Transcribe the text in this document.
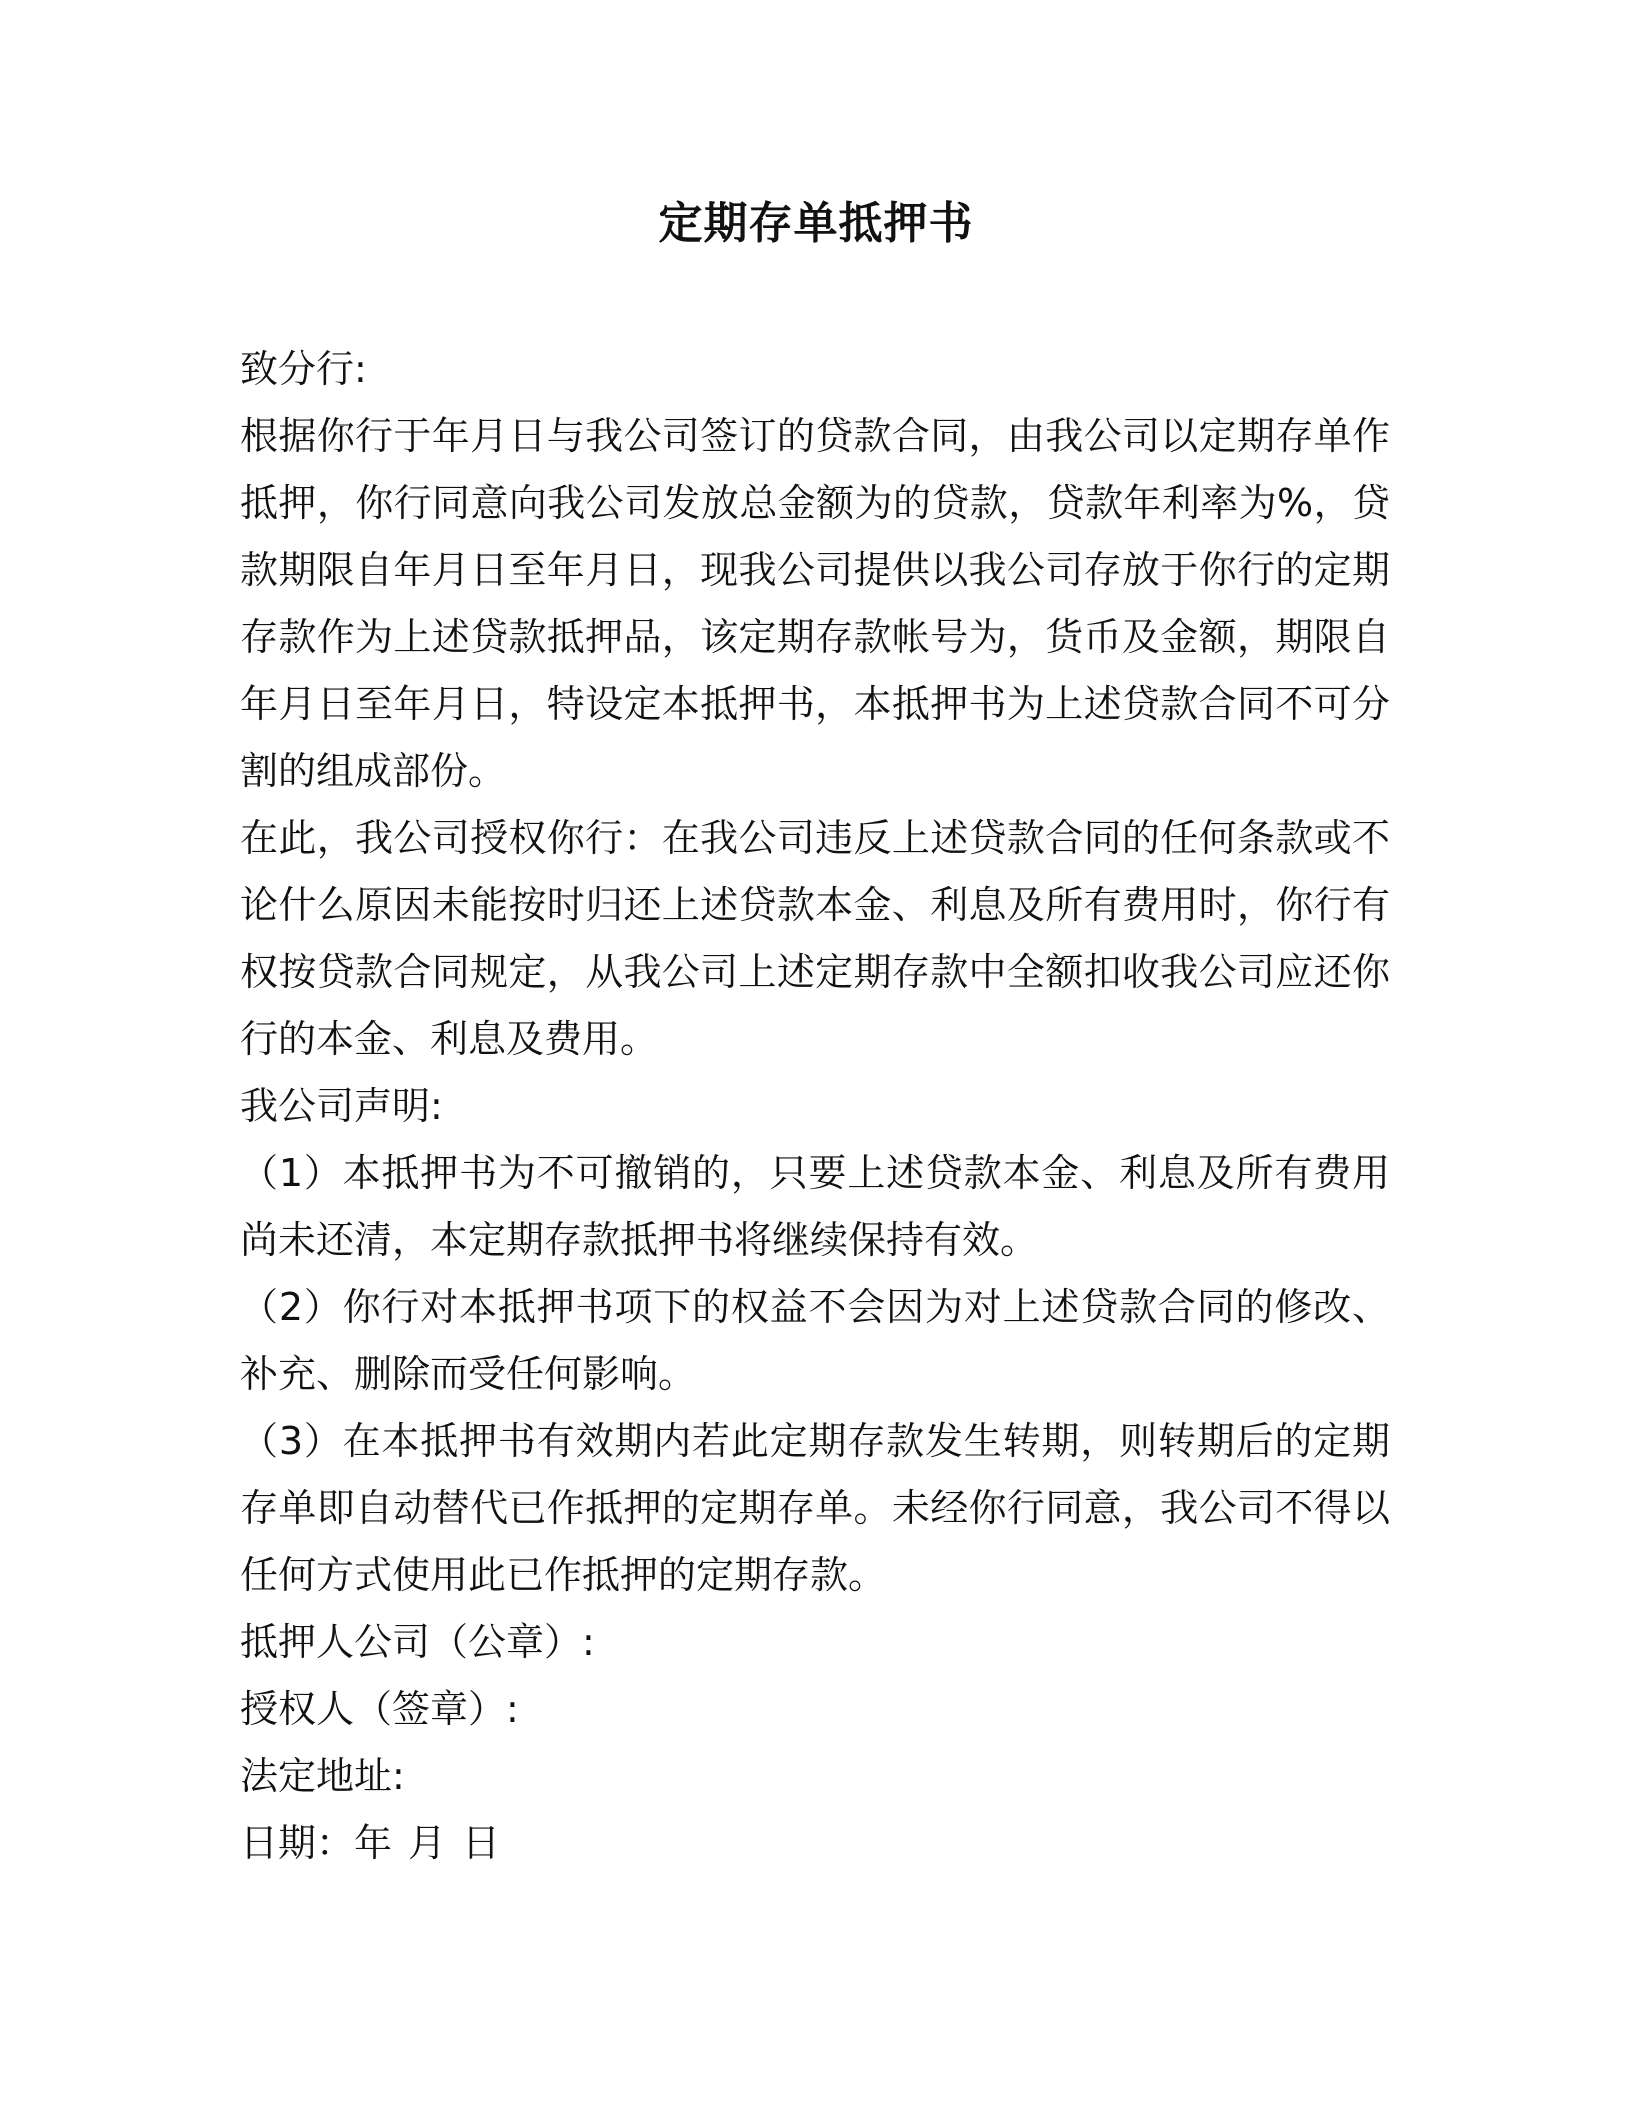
定期存单抵押书

致分行:

根据你行于年月日与我公司签订的贷款合同，由我公司以定期存单作抵押，你行同意向我公司发放总金额为的贷款，贷款年利率为%，贷款期限自年月日至年月日，现我公司提供以我公司存放于你行的定期存款作为上述贷款抵押品，该定期存款帐号为，货币及金额，期限自年月日至年月日，特设定本抵押书，本抵押书为上述贷款合同不可分割的组成部份。

在此，我公司授权你行：在我公司违反上述贷款合同的任何条款或不论什么原因未能按时归还上述贷款本金、利息及所有费用时，你行有权按贷款合同规定，从我公司上述定期存款中全额扣收我公司应还你行的本金、利息及费用。

我公司声明:

（1）本抵押书为不可撤销的，只要上述贷款本金、利息及所有费用尚未还清，本定期存款抵押书将继续保持有效。

（2）你行对本抵押书项下的权益不会因为对上述贷款合同的修改、补充、删除而受任何影响。

（3）在本抵押书有效期内若此定期存款发生转期，则转期后的定期存单即自动替代已作抵押的定期存单。未经你行同意，我公司不得以任何方式使用此已作抵押的定期存款。

抵押人公司（公章）:

授权人（签章）:

法定地址:

日期：年 月 日
